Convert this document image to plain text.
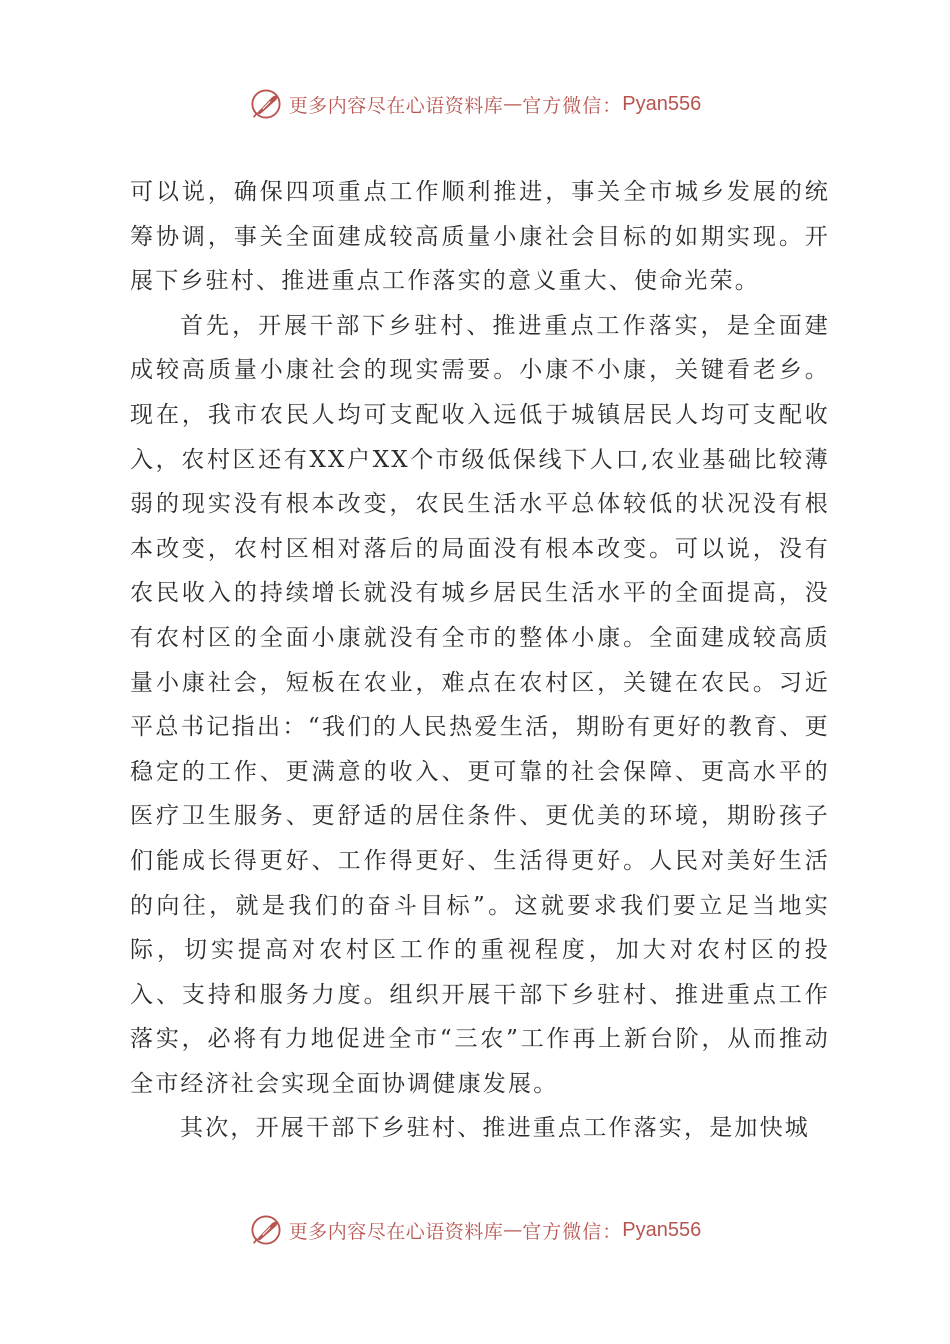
更多内容尽在心语资料库 — 官方微信： Pyan556

可以说，确保四项重点工作顺利推进，事关全市城乡发展的统筹协调，事关全面建成较高质量小康社会目标的如期实现。开展下乡驻村、推进重点工作落实的意义重大、使命光荣。

首先，开展干部下乡驻村、推进重点工作落实，是全面建成较高质量小康社会的现实需要。小康不小康，关键看老乡。现在，我市农民人均可支配收入远低于城镇居民人均可支配收入，农村区还有XX户XX个市级低保线下人口,农业基础比较薄弱的现实没有根本改变，农民生活水平总体较低的状况没有根本改变，农村区相对落后的局面没有根本改变。可以说，没有农民收入的持续增长就没有城乡居民生活水平的全面提高，没有农村区的全面小康就没有全市的整体小康。全面建成较高质量小康社会，短板在农业，难点在农村区，关键在农民。习近平总书记指出：“我们的人民热爱生活，期盼有更好的教育、更稳定的工作、更满意的收入、更可靠的社会保障、更高水平的医疗卫生服务、更舒适的居住条件、更优美的环境，期盼孩子们能成长得更好、工作得更好、生活得更好。人民对美好生活的向往，就是我们的奋斗目标”。这就要求我们要立足当地实际，切实提高对农村区工作的重视程度，加大对农村区的投入、支持和服务力度。组织开展干部下乡驻村、推进重点工作落实，必将有力地促进全市“三农”工作再上新台阶，从而推动全市经济社会实现全面协调健康发展。

其次，开展干部下乡驻村、推进重点工作落实，是加快城

更多内容尽在心语资料库 — 官方微信： Pyan556
